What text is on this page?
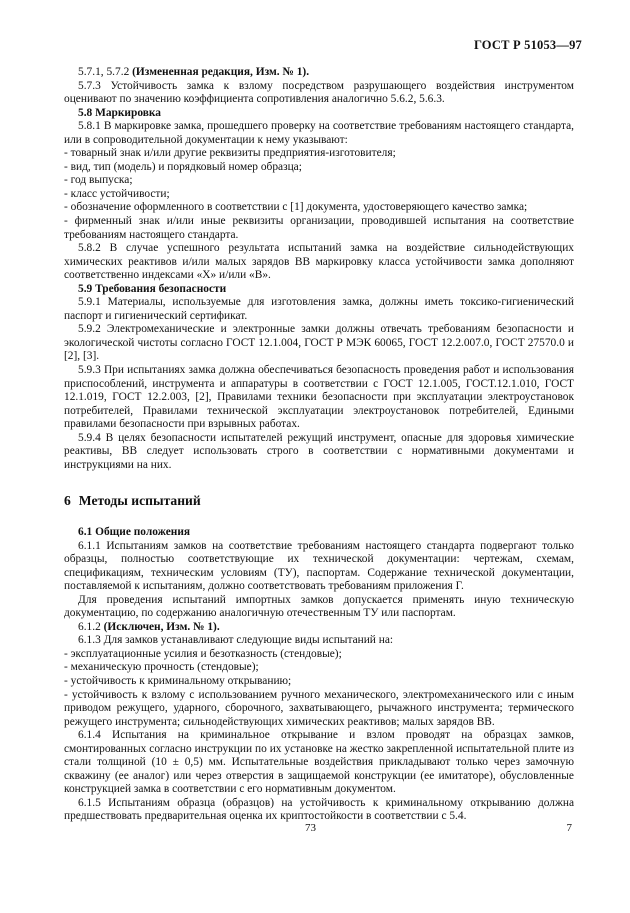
ГОСТ Р 51053—97

5.7.1, 5.7.2 (Измененная редакция, Изм. № 1).

5.7.3 Устойчивость замка к взлому посредством разрушающего воздействия инструментом оценивают по значению коэффициента сопротивления аналогично 5.6.2, 5.6.3.

5.8 Маркировка

5.8.1 В маркировке замка, прошедшего проверку на соответствие требованиям настоящего стандарта, или в сопроводительной документации к нему указывают:

- товарный знак и/или другие реквизиты предприятия-изготовителя;

- вид, тип (модель) и порядковый номер образца;

- год выпуска;

- класс устойчивости;

- обозначение оформленного в соответствии с [1] документа, удостоверяющего качество замка;

- фирменный знак и/или иные реквизиты организации, проводившей испытания на соответствие требованиям настоящего стандарта.

5.8.2 В случае успешного результата испытаний замка на воздействие сильнодействующих химических реактивов и/или малых зарядов ВВ маркировку класса устойчивости замка дополняют соответственно индексами «Х» и/или «В».

5.9 Требования безопасности

5.9.1 Материалы, используемые для изготовления замка, должны иметь токсико-гигиенический паспорт и гигиенический сертификат.

5.9.2 Электромеханические и электронные замки должны отвечать требованиям безопасности и экологической чистоты согласно ГОСТ 12.1.004, ГОСТ Р МЭК 60065, ГОСТ 12.2.007.0, ГОСТ 27570.0 и [2], [3].

5.9.3 При испытаниях замка должна обеспечиваться безопасность проведения работ и использования приспособлений, инструмента и аппаратуры в соответствии с ГОСТ 12.1.005, ГОСТ.12.1.010, ГОСТ 12.1.019, ГОСТ 12.2.003, [2], Правилами техники безопасности при эксплуатации электроустановок потребителей, Правилами технической эксплуатации электроустановок потребителей, Едиными правилами безопасности при взрывных работах.

5.9.4 В целях безопасности испытателей режущий инструмент, опасные для здоровья химические реактивы, ВВ следует использовать строго в соответствии с нормативными документами и инструкциями на них.

6 Методы испытаний

6.1 Общие положения

6.1.1 Испытаниям замков на соответствие требованиям настоящего стандарта подвергают только образцы, полностью соответствующие их технической документации: чертежам, схемам, спецификациям, техническим условиям (ТУ), паспортам. Содержание технической документации, поставляемой к испытаниям, должно соответствовать требованиям приложения Г.

Для проведения испытаний импортных замков допускается применять иную техническую документацию, по содержанию аналогичную отечественным ТУ или паспортам.

6.1.2 (Исключен, Изм. № 1).

6.1.3 Для замков устанавливают следующие виды испытаний на:

- эксплуатационные усилия и безотказность (стендовые);

- механическую прочность (стендовые);

- устойчивость к криминальному открыванию;

- устойчивость к взлому с использованием ручного механического, электромеханического или с иным приводом режущего, ударного, сборочного, захватывающего, рычажного инструмента; термического режущего инструмента; сильнодействующих химических реактивов; малых зарядов ВВ.

6.1.4 Испытания на криминальное открывание и взлом проводят на образцах замков, смонтированных согласно инструкции по их установке на жестко закрепленной испытательной плите из стали толщиной (10 ± 0,5) мм. Испытательные воздействия прикладывают только через замочную скважину (ее аналог) или через отверстия в защищаемой конструкции (ее имитаторе), обусловленные конструкцией замка в соответствии с его нормативным документом.

6.1.5 Испытаниям образца (образцов) на устойчивость к криминальному открыванию должна предшествовать предварительная оценка их криптостойкости в соответствии с 5.4.

73	7
